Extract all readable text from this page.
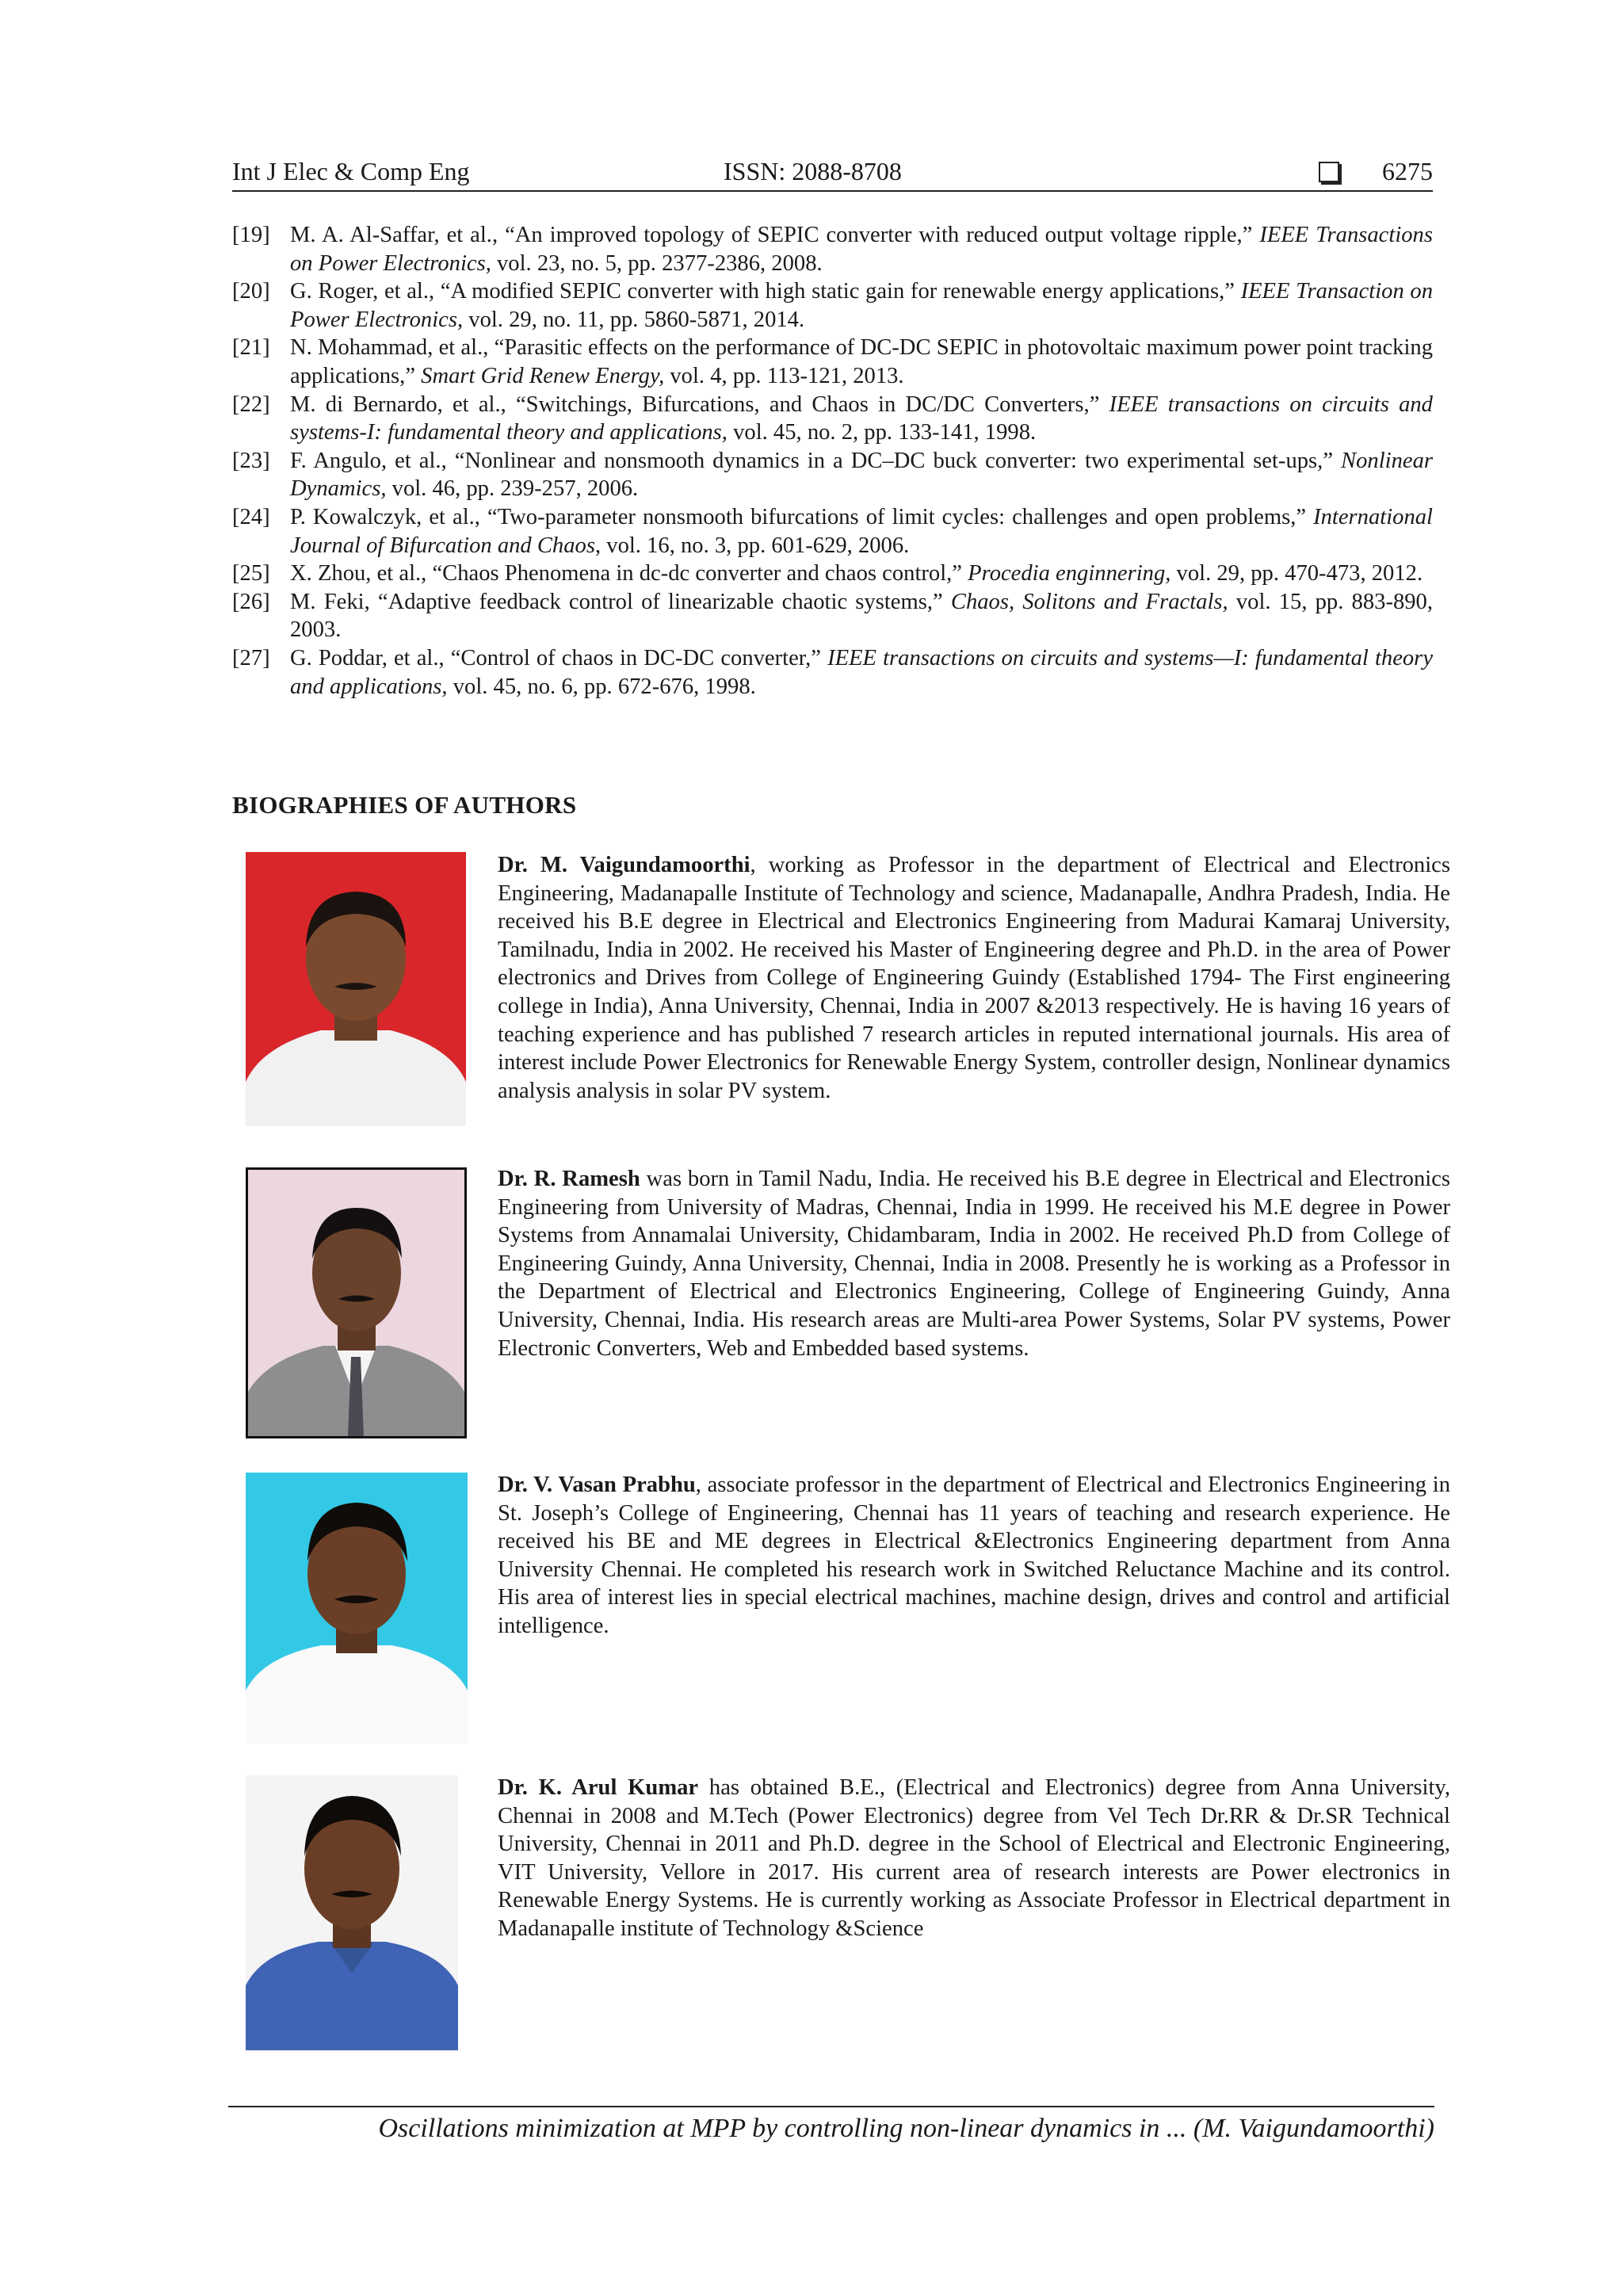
Int J Elec & Comp Eng	ISSN: 2088-8708	6275
[19] M. A. Al-Saffar, et al., “An improved topology of SEPIC converter with reduced output voltage ripple,” IEEE Transactions on Power Electronics, vol. 23, no. 5, pp. 2377-2386, 2008.
[20] G. Roger, et al., “A modified SEPIC converter with high static gain for renewable energy applications,” IEEE Transaction on Power Electronics, vol. 29, no. 11, pp. 5860-5871, 2014.
[21] N. Mohammad, et al., “Parasitic effects on the performance of DC-DC SEPIC in photovoltaic maximum power point tracking applications,” Smart Grid Renew Energy, vol. 4, pp. 113-121, 2013.
[22] M. di Bernardo, et al., “Switchings, Bifurcations, and Chaos in DC/DC Converters,” IEEE transactions on circuits and systems-I: fundamental theory and applications, vol. 45, no. 2, pp. 133-141, 1998.
[23] F. Angulo, et al., “Nonlinear and nonsmooth dynamics in a DC–DC buck converter: two experimental set-ups,” Nonlinear Dynamics, vol. 46, pp. 239-257, 2006.
[24] P. Kowalczyk, et al., “Two-parameter nonsmooth bifurcations of limit cycles: challenges and open problems,” International Journal of Bifurcation and Chaos, vol. 16, no. 3, pp. 601-629, 2006.
[25] X. Zhou, et al., “Chaos Phenomena in dc-dc converter and chaos control,” Procedia enginnering, vol. 29, pp. 470-473, 2012.
[26] M. Feki, “Adaptive feedback control of linearizable chaotic systems,” Chaos, Solitons and Fractals, vol. 15, pp. 883-890, 2003.
[27] G. Poddar, et al., “Control of chaos in DC-DC converter,” IEEE transactions on circuits and systems—I: fundamental theory and applications, vol. 45, no. 6, pp. 672-676, 1998.
BIOGRAPHIES OF AUTHORS
Dr. M. Vaigundamoorthi, working as Professor in the department of Electrical and Electronics Engineering, Madanapalle Institute of Technology and science, Madanapalle, Andhra Pradesh, India. He received his B.E degree in Electrical and Electronics Engineering from Madurai Kamaraj University, Tamilnadu, India in 2002. He received his Master of Engineering degree and Ph.D. in the area of Power electronics and Drives from College of Engineering Guindy (Established 1794- The First engineering college in India), Anna University, Chennai, India in 2007 &2013 respectively. He is having 16 years of teaching experience and has published 7 research articles in reputed international journals. His area of interest include Power Electronics for Renewable Energy System, controller design, Nonlinear dynamics analysis analysis in solar PV system.
Dr. R. Ramesh was born in Tamil Nadu, India. He received his B.E degree in Electrical and Electronics Engineering from University of Madras, Chennai, India in 1999. He received his M.E degree in Power Systems from Annamalai University, Chidambaram, India in 2002. He received Ph.D from College of Engineering Guindy, Anna University, Chennai, India in 2008. Presently he is working as a Professor in the Department of Electrical and Electronics Engineering, College of Engineering Guindy, Anna University, Chennai, India. His research areas are Multi-area Power Systems, Solar PV systems, Power Electronic Converters, Web and Embedded based systems.
Dr. V. Vasan Prabhu, associate professor in the department of Electrical and Electronics Engineering in St. Joseph’s College of Engineering, Chennai has 11 years of teaching and research experience. He received his BE and ME degrees in Electrical &Electronics Engineering department from Anna University Chennai. He completed his research work in Switched Reluctance Machine and its control. His area of interest lies in special electrical machines, machine design, drives and control and artificial intelligence.
Dr. K. Arul Kumar has obtained B.E., (Electrical and Electronics) degree from Anna University, Chennai in 2008 and M.Tech (Power Electronics) degree from Vel Tech Dr.RR & Dr.SR Technical University, Chennai in 2011 and Ph.D. degree in the School of Electrical and Electronic Engineering, VIT University, Vellore in 2017. His current area of research interests are Power electronics in Renewable Energy Systems. He is currently working as Associate Professor in Electrical department in Madanapalle institute of Technology &Science
Oscillations minimization at MPP by controlling non-linear dynamics in ... (M. Vaigundamoorthi)
